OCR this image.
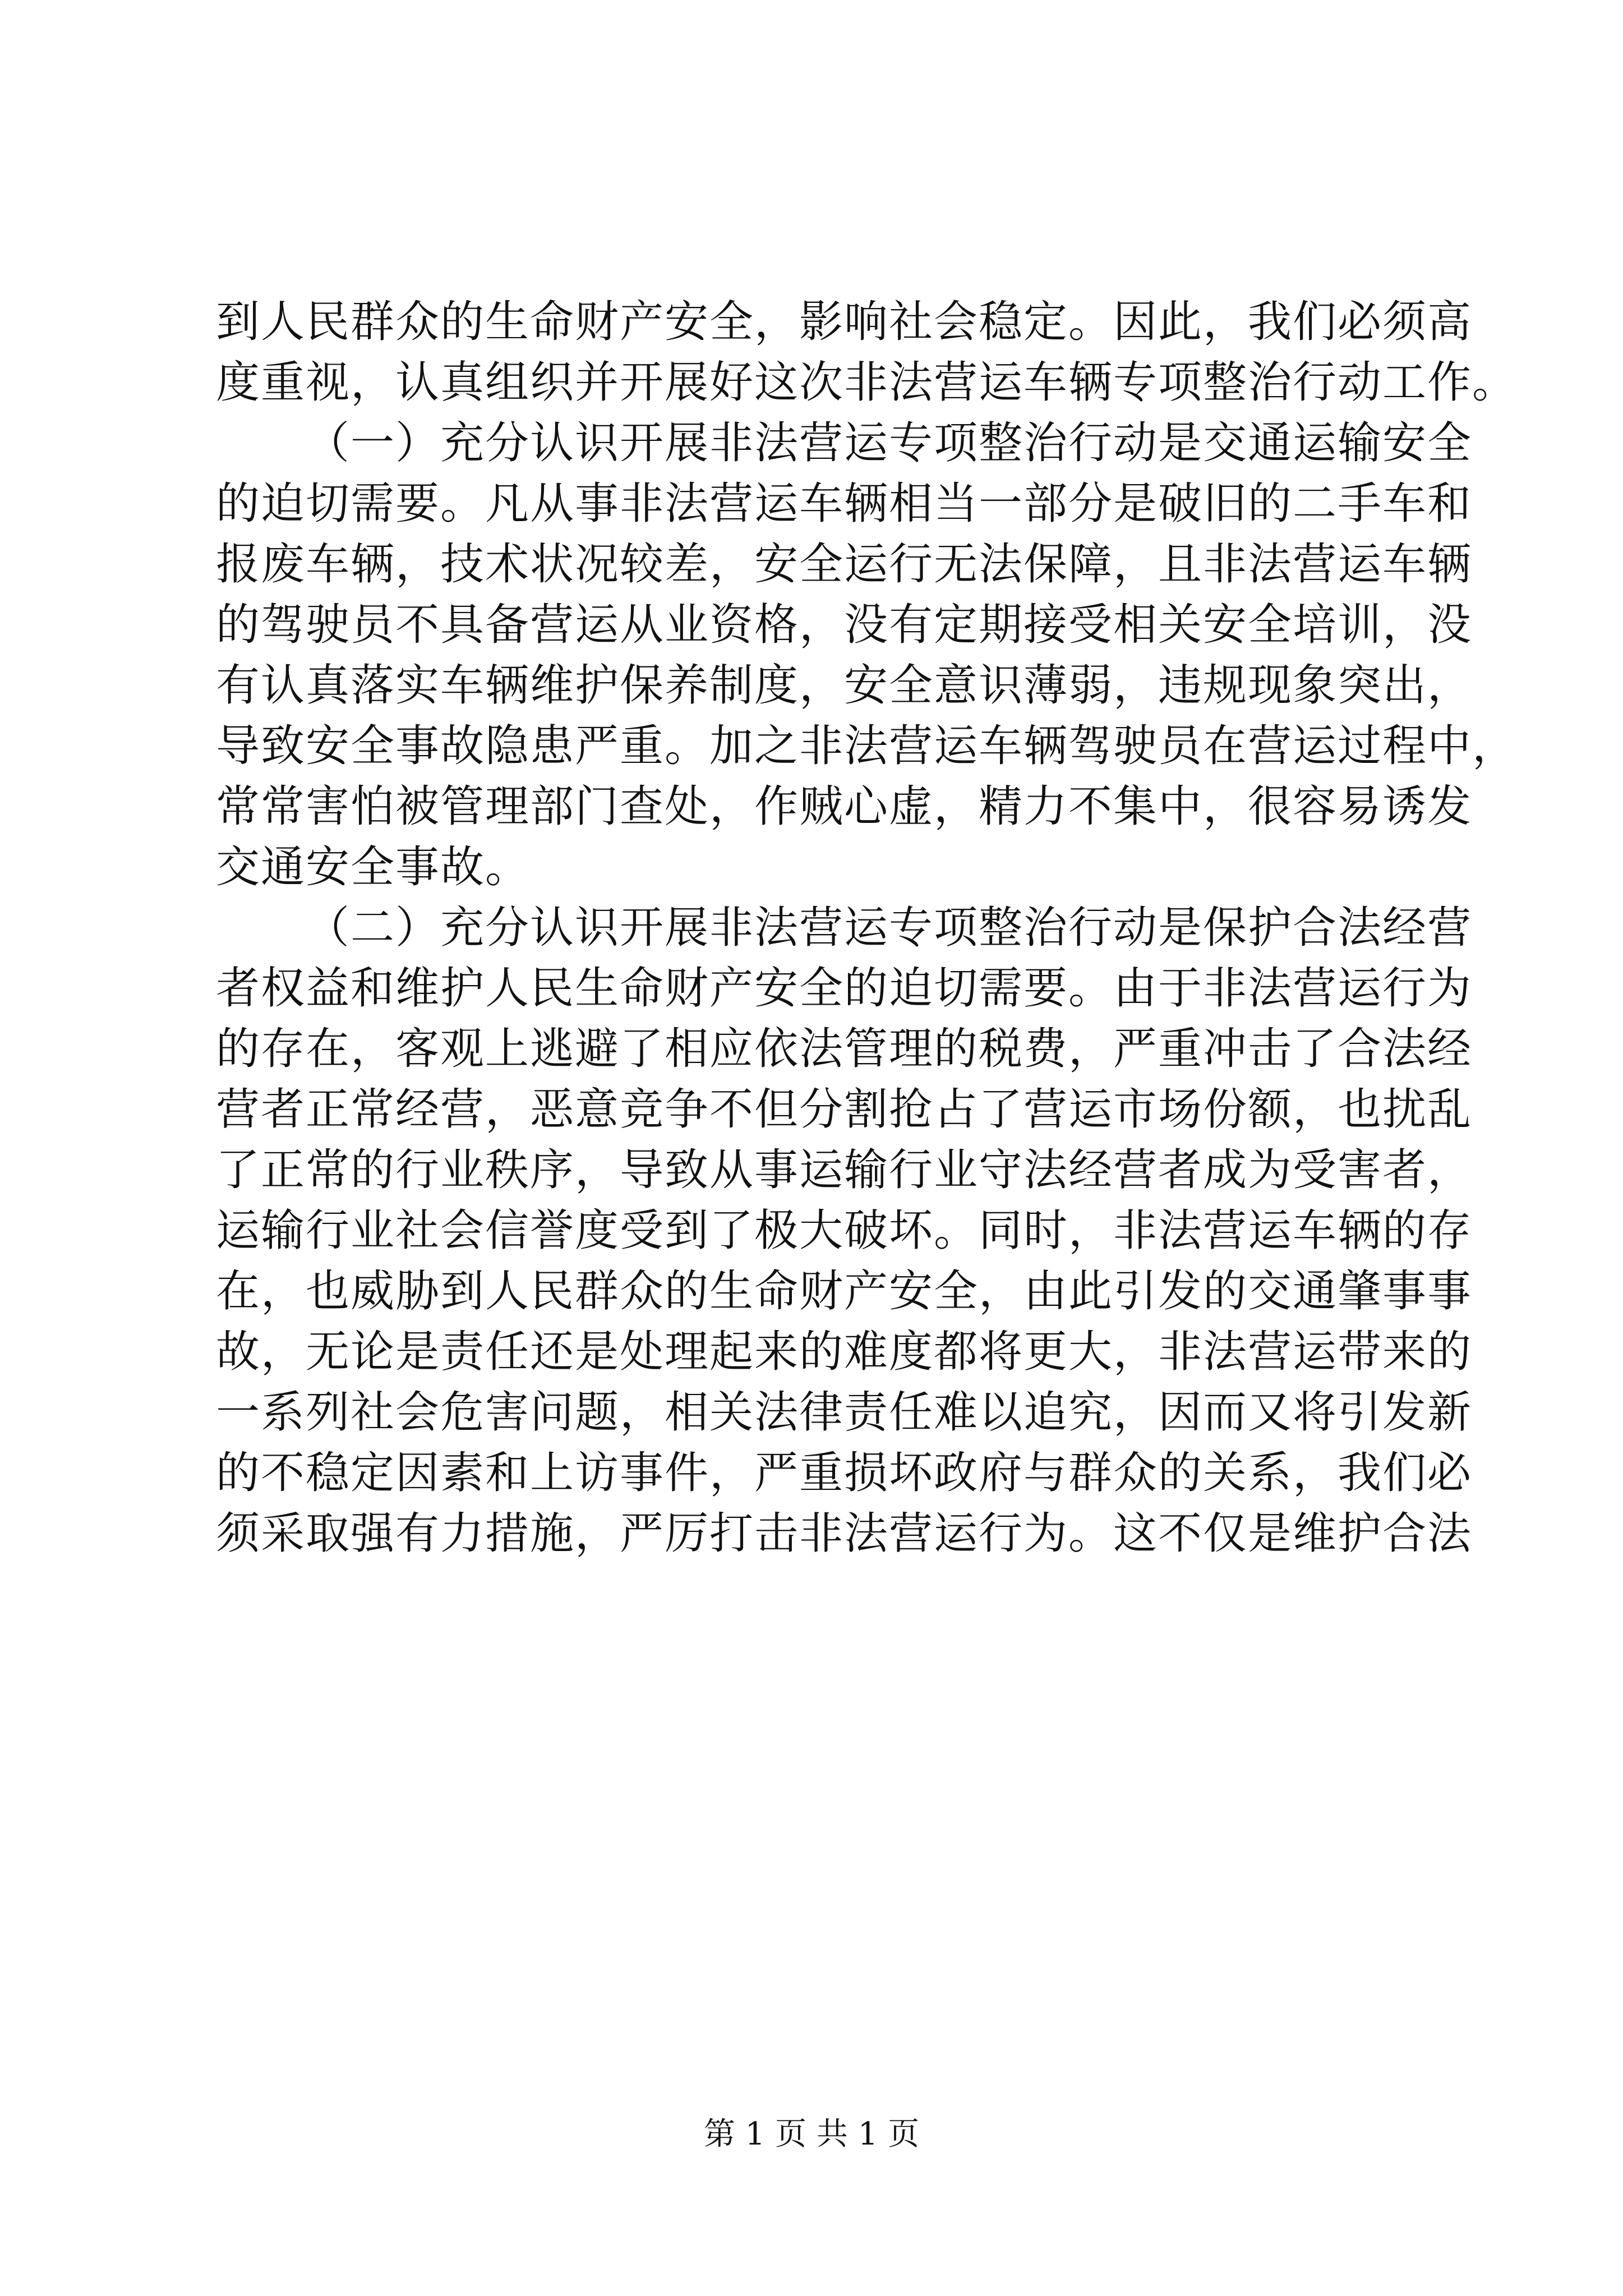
到人民群众的生命财产安全，影响社会稳定。因此，我们必须高
度重视，认真组织并开展好这次非法营运车辆专项整治行动工作。
（一）充分认识开展非法营运专项整治行动是交通运输安全
的迫切需要。凡从事非法营运车辆相当一部分是破旧的二手车和
报废车辆，技术状况较差，安全运行无法保障，且非法营运车辆
的驾驶员不具备营运从业资格，没有定期接受相关安全培训，没
有认真落实车辆维护保养制度，安全意识薄弱，违规现象突出，
导致安全事故隐患严重。加之非法营运车辆驾驶员在营运过程中，
常常害怕被管理部门查处，作贼心虚，精力不集中，很容易诱发
交通安全事故。
（二）充分认识开展非法营运专项整治行动是保护合法经营
者权益和维护人民生命财产安全的迫切需要。由于非法营运行为
的存在，客观上逃避了相应依法管理的税费，严重冲击了合法经
营者正常经营，恶意竞争不但分割抢占了营运市场份额，也扰乱
了正常的行业秩序，导致从事运输行业守法经营者成为受害者，
运输行业社会信誉度受到了极大破坏。同时，非法营运车辆的存
在，也威胁到人民群众的生命财产安全，由此引发的交通肇事事
故，无论是责任还是处理起来的难度都将更大，非法营运带来的
一系列社会危害问题，相关法律责任难以追究，因而又将引发新
的不稳定因素和上访事件，严重损坏政府与群众的关系，我们必
须采取强有力措施，严厉打击非法营运行为。这不仅是维护合法
第 1 页 共 1 页
